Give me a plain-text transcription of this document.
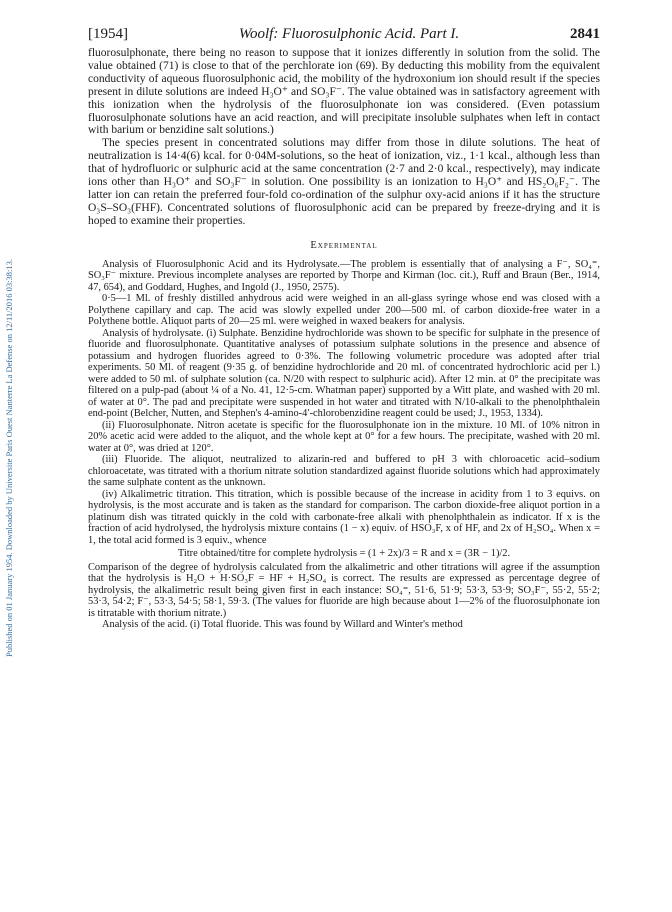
Published on 01 January 1954. Downloaded by Universite Paris Ouest Nanterre La Defense on 12/11/2016 03:38:13.
[1954]	Woolf: Fluorosulphonic Acid. Part I.	2841

fluorosulphonate, there being no reason to suppose that it ionizes differently in solution from the solid. The value obtained (71) is close to that of the perchlorate ion (69). By deducting this mobility from the equivalent conductivity of aqueous fluorosulphonic acid, the mobility of the hydroxonium ion should result if the species present in dilute solutions are indeed H₃O⁺ and SO₃F⁻. The value obtained was in satisfactory agreement with this ionization when the hydrolysis of the fluorosulphonate ion was considered. (Even potassium fluorosulphonate solutions have an acid reaction, and will precipitate insoluble sulphates when left in contact with barium or benzidine salt solutions.)

The species present in concentrated solutions may differ from those in dilute solutions. The heat of neutralization is 14·4(6) kcal. for 0·04M-solutions, so the heat of ionization, viz., 1·1 kcal., although less than that of hydrofluoric or sulphuric acid at the same concentration (2·7 and 2·0 kcal., respectively), may indicate ions other than H₃O⁺ and SO₃F⁻ in solution. One possibility is an ionization to H₃O⁺ and HS₂O₆F₂⁻. The latter ion can retain the preferred four-fold co-ordination of the sulphur oxy-acid anions if it has the structure O₃S–SO₃(FHF). Concentrated solutions of fluorosulphonic acid can be prepared by freeze-drying and it is hoped to examine their properties.

Experimental

Analysis of Fluorosulphonic Acid and its Hydrolysate.—The problem is essentially that of analysing a F⁻, SO₄⁼, SO₃F⁻ mixture. Previous incomplete analyses are reported by Thorpe and Kirman (loc. cit.), Ruff and Braun (Ber., 1914, 47, 654), and Goddard, Hughes, and Ingold (J., 1950, 2575).

0·5—1 Ml. of freshly distilled anhydrous acid were weighed in an all-glass syringe whose end was closed with a Polythene capillary and cap. The acid was slowly expelled under 200—500 ml. of carbon dioxide-free water in a Polythene bottle. Aliquot parts of 20—25 ml. were weighed in waxed beakers for analysis.

Analysis of hydrolysate. (i) Sulphate. Benzidine hydrochloride was shown to be specific for sulphate in the presence of fluoride and fluorosulphonate. Quantitative analyses of potassium sulphate solutions in the presence and absence of potassium and hydrogen fluorides agreed to 0·3%. The following volumetric procedure was adopted after trial experiments. 50 Ml. of reagent (9·35 g. of benzidine hydrochloride and 20 ml. of concentrated hydrochloric acid per l.) were added to 50 ml. of sulphate solution (ca. N/20 with respect to sulphuric acid). After 12 min. at 0° the precipitate was filtered on a pulp-pad (about ¼ of a No. 41, 12·5-cm. Whatman paper) supported by a Witt plate, and washed with 20 ml. of water at 0°. The pad and precipitate were suspended in hot water and titrated with N/10-alkali to the phenolphthalein end-point (Belcher, Nutten, and Stephen's 4-amino-4′-chlorobenzidine reagent could be used; J., 1953, 1334).

(ii) Fluorosulphonate. Nitron acetate is specific for the fluorosulphonate ion in the mixture. 10 Ml. of 10% nitron in 20% acetic acid were added to the aliquot, and the whole kept at 0° for a few hours. The precipitate, washed with 20 ml. water at 0°, was dried at 120°.

(iii) Fluoride. The aliquot, neutralized to alizarin-red and buffered to pH 3 with chloroacetic acid–sodium chloroacetate, was titrated with a thorium nitrate solution standardized against fluoride solutions which had approximately the same sulphate content as the unknown.

(iv) Alkalimetric titration. This titration, which is possible because of the increase in acidity from 1 to 3 equivs. on hydrolysis, is the most accurate and is taken as the standard for comparison. The carbon dioxide-free aliquot portion in a platinum dish was titrated quickly in the cold with carbonate-free alkali with phenolphthalein as indicator. If x is the fraction of acid hydrolysed, the hydrolysis mixture contains (1 − x) equiv. of HSO₃F, x of HF, and 2x of H₂SO₄. When x = 1, the total acid formed is 3 equiv., whence

Titre obtained/titre for complete hydrolysis = (1 + 2x)/3 = R and x = (3R − 1)/2.

Comparison of the degree of hydrolysis calculated from the alkalimetric and other titrations will agree if the assumption that the hydrolysis is H₂O + H·SO₃F = HF + H₂SO₄ is correct. The results are expressed as percentage degree of hydrolysis, the alkalimetric result being given first in each instance: SO₄⁼, 51·6, 51·9; 53·3, 53·9; SO₃F⁻, 55·2, 55·2; 53·3, 54·2; F⁻, 53·3, 54·5; 58·1, 59·3. (The values for fluoride are high because about 1—2% of the fluorosulphonate ion is titratable with thorium nitrate.)

Analysis of the acid. (i) Total fluoride. This was found by Willard and Winter's method
